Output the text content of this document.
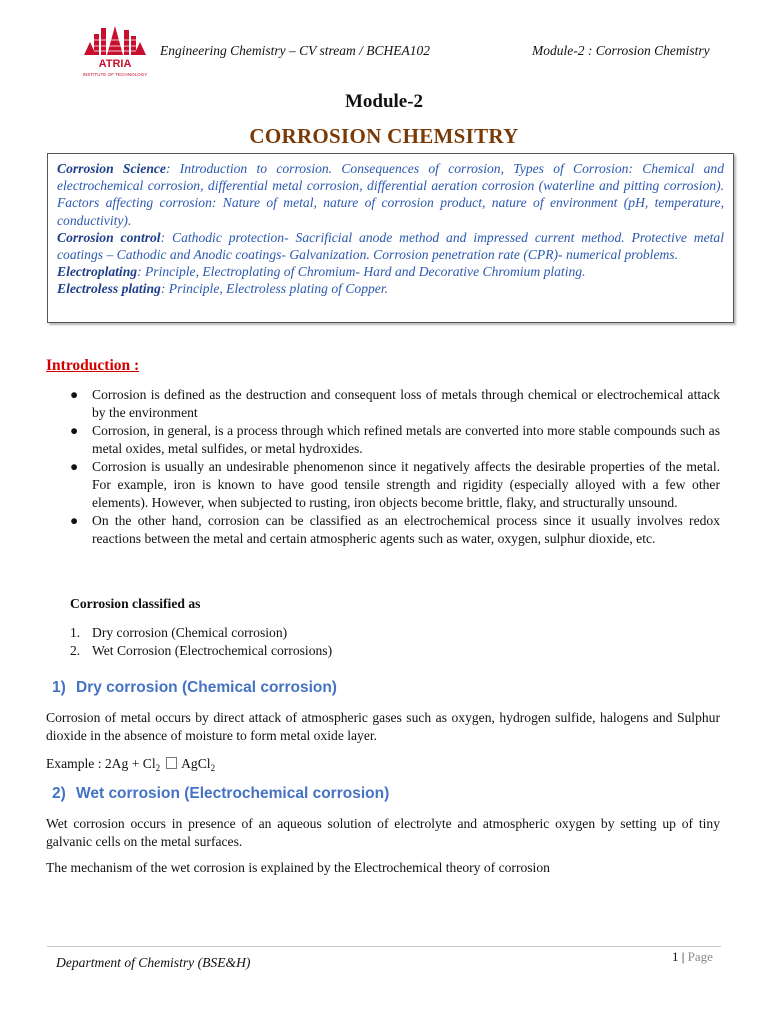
ATRIA
INSTITUTE OF TECHNOLOGY
Engineering Chemistry – CV stream / BCHEA102	Module-2 : Corrosion Chemistry
Module-2
CORROSION CHEMSITRY

Corrosion Science: Introduction to corrosion. Consequences of corrosion, Types of Corrosion: Chemical and electrochemical corrosion, differential metal corrosion, differential aeration corrosion (waterline and pitting corrosion). Factors affecting corrosion: Nature of metal, nature of corrosion product, nature of environment (pH, temperature, conductivity).

Corrosion control: Cathodic protection- Sacrificial anode method and impressed current method. Protective metal coatings – Cathodic and Anodic coatings- Galvanization. Corrosion penetration rate (CPR)- numerical problems.

Electroplating: Principle, Electroplating of Chromium- Hard and Decorative Chromium plating.

Electroless plating: Principle, Electroless plating of Copper.

Introduction :
● Corrosion is defined as the destruction and consequent loss of metals through chemical or electrochemical attack by the environment
● Corrosion, in general, is a process through which refined metals are converted into more stable compounds such as metal oxides, metal sulfides, or metal hydroxides.
● Corrosion is usually an undesirable phenomenon since it negatively affects the desirable properties of the metal. For example, iron is known to have good tensile strength and rigidity (especially alloyed with a few other elements). However, when subjected to rusting, iron objects become brittle, flaky, and structurally unsound.
● On the other hand, corrosion can be classified as an electrochemical process since it usually involves redox reactions between the metal and certain atmospheric agents such as water, oxygen, sulphur dioxide, etc.
Corrosion classified as
1. Dry corrosion (Chemical corrosion)
2. Wet Corrosion (Electrochemical corrosions)
1) Dry corrosion (Chemical corrosion)
Corrosion of metal occurs by direct attack of atmospheric gases such as oxygen, hydrogen sulfide, halogens and Sulphur dioxide in the absence of moisture to form metal oxide layer.
Example : $2Ag + Cl_2$ AgCl$_2$
2) Wet corrosion (Electrochemical corrosion)
Wet corrosion occurs in presence of an aqueous solution of electrolyte and atmospheric oxygen by setting up of tiny galvanic cells on the metal surfaces.
The mechanism of the wet corrosion is explained by the Electrochemical theory of corrosion
Department of Chemistry (BSE&H)	1 | Page
